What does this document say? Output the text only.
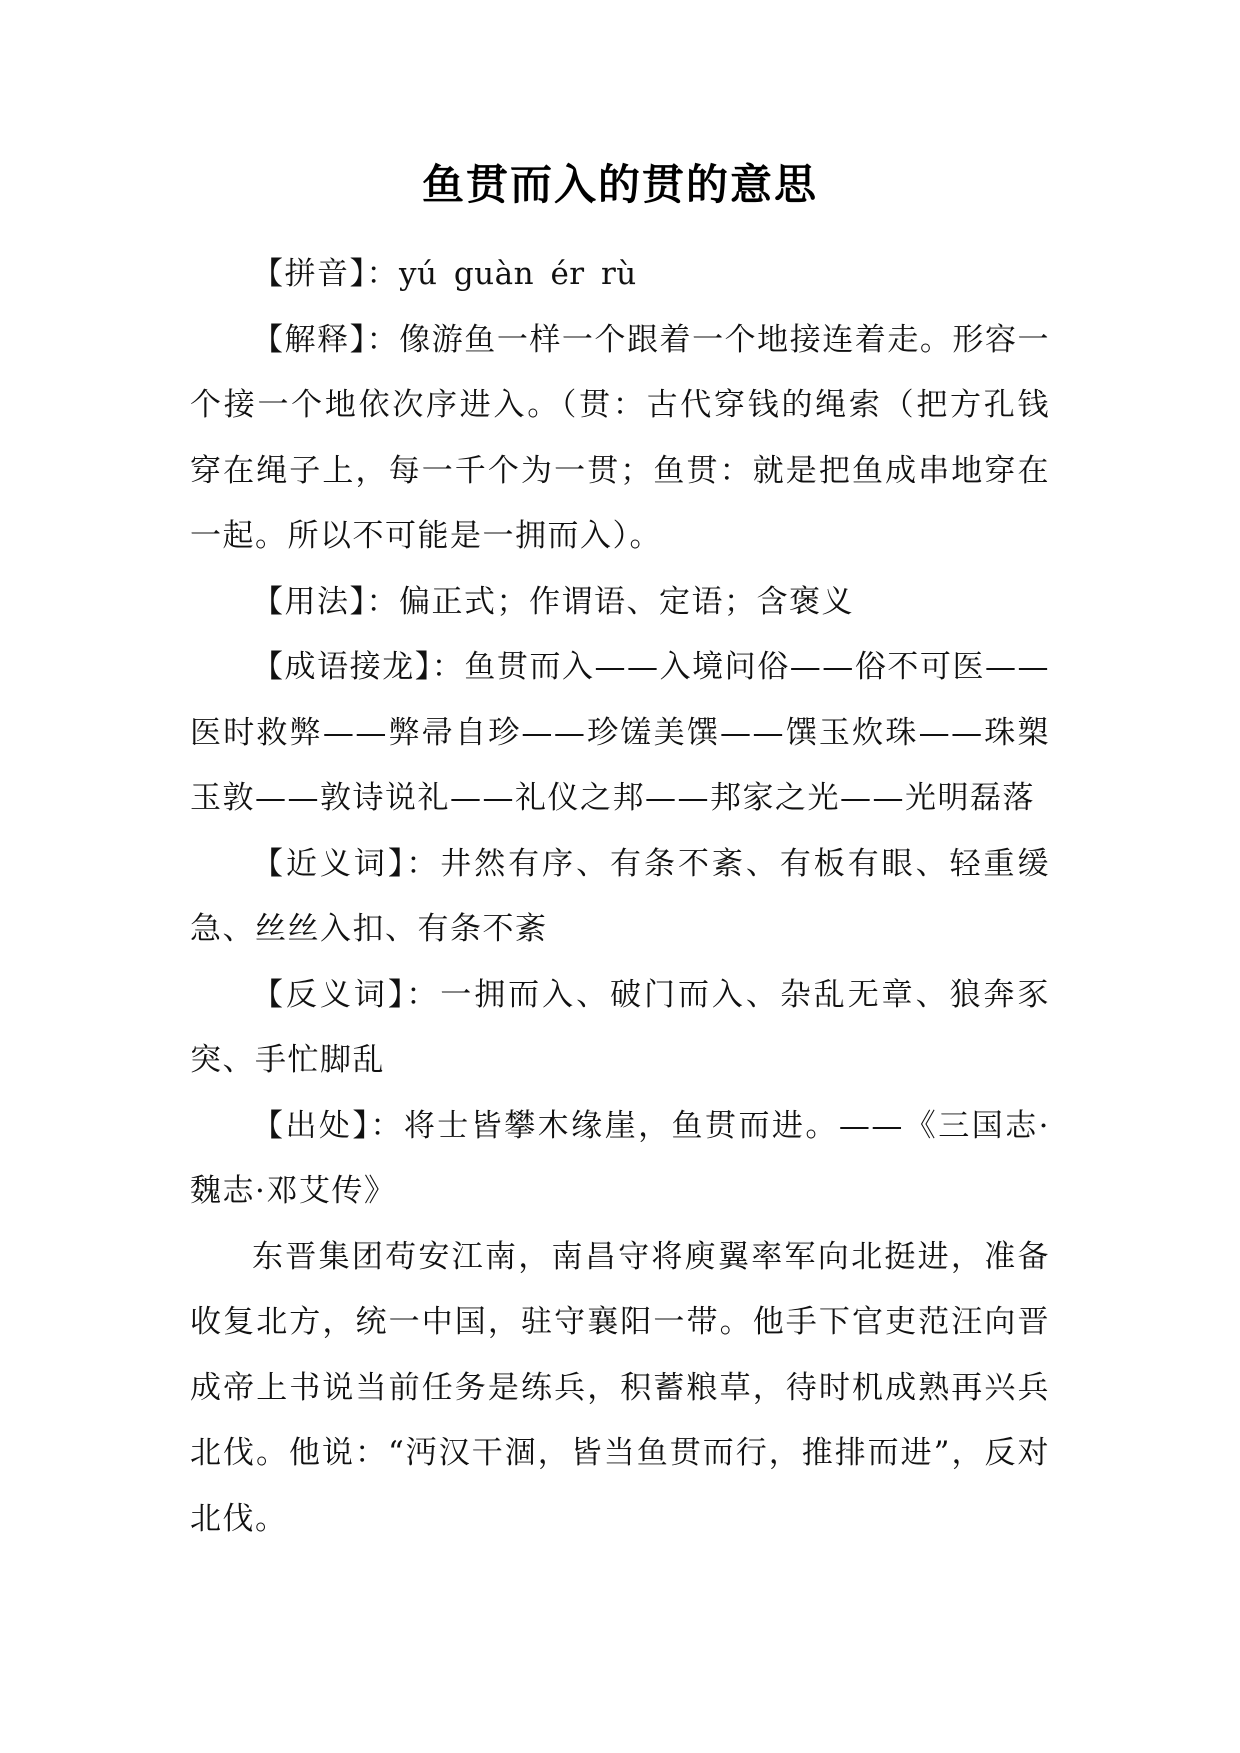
鱼贯而入的贯的意思

【拼音】：yú guàn ér rù

【解释】：像游鱼一样一个跟着一个地接连着走。形容一个接一个地依次序进入。（贯：古代穿钱的绳索（把方孔钱穿在绳子上，每一千个为一贯；鱼贯：就是把鱼成串地穿在一起。所以不可能是一拥而入）。

【用法】：偏正式；作谓语、定语；含褒义

【成语接龙】：鱼贯而入——入境问俗——俗不可医——医时救弊——弊帚自珍——珍馐美馔——馔玉炊珠——珠槊玉敦——敦诗说礼——礼仪之邦——邦家之光——光明磊落

【近义词】：井然有序、有条不紊、有板有眼、轻重缓急、丝丝入扣、有条不紊

【反义词】：一拥而入、破门而入、杂乱无章、狼奔豕突、手忙脚乱

【出处】：将士皆攀木缘崖，鱼贯而进。——《三国志·魏志·邓艾传》

东晋集团苟安江南，南昌守将庾翼率军向北挺进，准备收复北方，统一中国，驻守襄阳一带。他手下官吏范汪向晋成帝上书说当前任务是练兵，积蓄粮草，待时机成熟再兴兵北伐。他说：“沔汉干涸，皆当鱼贯而行，推排而进”，反对北伐。
